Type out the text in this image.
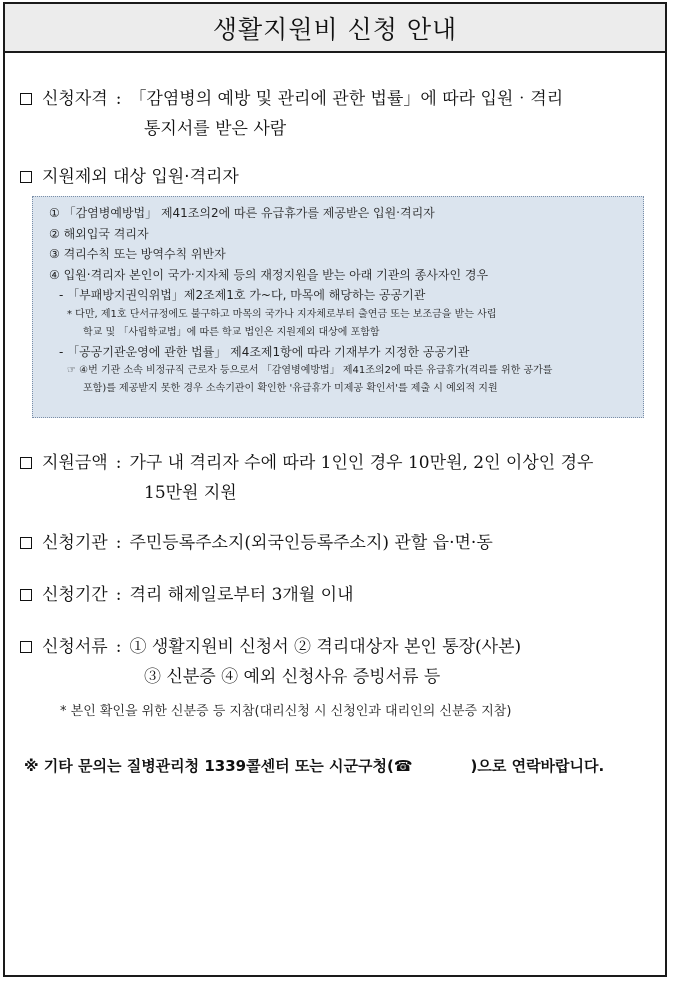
생활지원비 신청 안내
신청자격 : 「감염병의 예방 및 관리에 관한 법률」에 따라 입원‧격리
통지서를 받은 사람
지원제외 대상 입원‧격리자
① 「감염병예방법」 제41조의2에 따른 유급휴가를 제공받은 입원‧격리자
② 해외입국 격리자
③ 격리수칙 또는 방역수칙 위반자
④ 입원‧격리자 본인이 국가‧지자체 등의 재정지원을 받는 아래 기관의 종사자인 경우
- 「부패방지권익위법」제2조제1호 가~다, 마목에 해당하는 공공기관
* 다만, 제1호 단서규정에도 불구하고 마목의 국가나 지자체로부터 출연금 또는 보조금을 받는 사립
학교 및 「사립학교법」에 따른 학교 법인은 지원제외 대상에 포함함
- 「공공기관운영에 관한 법률」 제4조제1항에 따라 기재부가 지정한 공공기관
☞ ④번 기관 소속 비정규직 근로자 등으로서 「감염병예방법」 제41조의2에 따른 유급휴가(격리를 위한 공가를
포함)를 제공받지 못한 경우 소속기관이 확인한 '유급휴가 미제공 확인서'를 제출 시 예외적 지원
지원금액 : 가구 내 격리자 수에 따라 1인인 경우 10만원, 2인 이상인 경우
15만원 지원
신청기관 : 주민등록주소지(외국인등록주소지) 관할 읍·면·동
신청기간 : 격리 해제일로부터 3개월 이내
신청서류 : ① 생활지원비 신청서 ② 격리대상자 본인 통장(사본)
③ 신분증 ④ 예외 신청사유 증빙서류 등
* 본인 확인을 위한 신분증 등 지참(대리신청 시 신청인과 대리인의 신분증 지참)
※ 기타 문의는 질병관리청 1339콜센터 또는 시군구청(☎	)으로 연락바랍니다.
